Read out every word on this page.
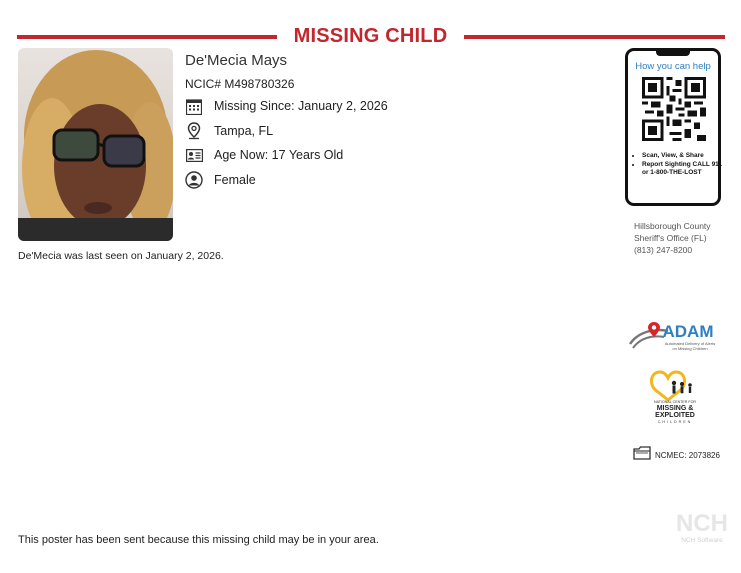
MISSING CHILD
De'Mecia Mays
NCIC# M498780326
Missing Since: January 2, 2026
Tampa, FL
Age Now: 17 Years Old
Female
De'Mecia was last seen on January 2, 2026.
How you can help
• Scan, View, & Share
• Report Sighting CALL 911 or 1-800-THE-LOST
Hillsborough County
Sheriff's Office (FL)
(813) 247-8200
ADAM
Automated Delivery of Alerts
on Missing Children
NATIONAL CENTER FOR
MISSING &
EXPLOITED
CHILDREN
NCMEC: 2073826
This poster has been sent because this missing child may be in your area.
NCH
NCH Software
